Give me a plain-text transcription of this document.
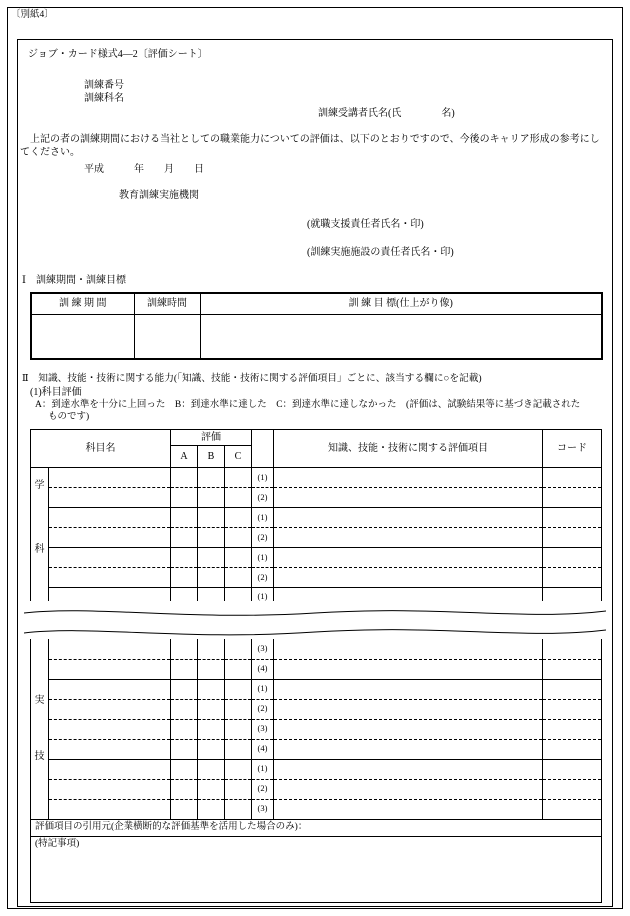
〔別紙4〕
ジョブ・カード様式4―2〔評価シート〕
訓練番号
訓練科名
訓練受講者氏名(氏　　　　名)
　上記の者の訓練期間における当社としての職業能力についての評価は、以下のとおりですので、今後のキャリア形成の参考にし
てください。
平成　　　年　　月　　日
教育訓練実施機関
(就職支援責任者氏名・印)
(訓練実施施設の責任者氏名・印)
Ⅰ　訓練期間・訓練目標
訓 練 期 間	訓練時間	訓 練 目 標(仕上がり像)

Ⅱ　知識、技能・技術に関する能力(「知識、技能・技術に関する評価項目」ごとに、該当する欄に○を記載)
(1)科目評価
A：到達水準を十分に上回った　B：到達水準に達した　C：到達水準に達しなかった　(評価は、試験結果等に基づき記載された
ものです)
科目名		評価				知識、技能・技術に関する評価項目	コード
		A	B	C			

学
科					(1)		
					(2)		
					(1)		
					(2)		
					(1)		
					(2)		
					(1)		
実
技					(3)		
					(4)		
					(1)		
					(2)		
					(3)		
					(4)		
					(1)		
					(2)		
					(3)		
評価項目の引用元(企業横断的な評価基準を活用した場合のみ)：							
(特記事項)							
